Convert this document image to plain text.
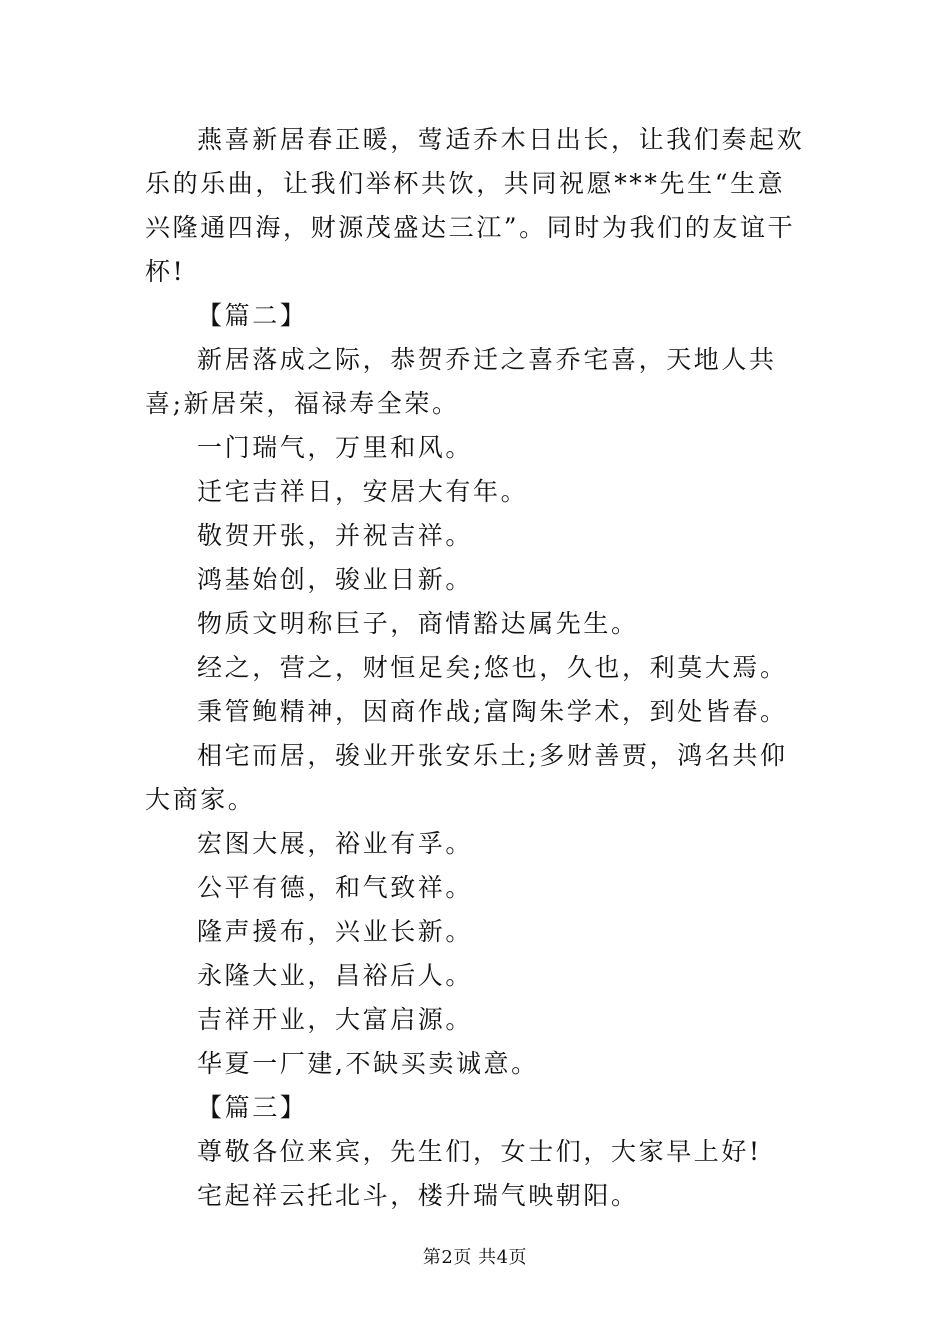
燕喜新居春正暖，莺适乔木日出长，让我们奏起欢乐的乐曲，让我们举杯共饮，共同祝愿***先生“生意兴隆通四海，财源茂盛达三江”。同时为我们的友谊干杯!

【篇二】

新居落成之际，恭贺乔迁之喜乔宅喜，天地人共喜;新居荣，福禄寿全荣。

一门瑞气，万里和风。

迁宅吉祥日，安居大有年。

敬贺开张，并祝吉祥。

鸿基始创，骏业日新。

物质文明称巨子，商情豁达属先生。

经之，营之，财恒足矣;悠也，久也，利莫大焉。

秉管鲍精神，因商作战;富陶朱学术，到处皆春。

相宅而居，骏业开张安乐土;多财善贾，鸿名共仰大商家。

宏图大展，裕业有孚。

公平有德，和气致祥。

隆声援布，兴业长新。

永隆大业，昌裕后人。

吉祥开业，大富启源。

华夏一厂建,不缺买卖诚意。

【篇三】

尊敬各位来宾，先生们，女士们，大家早上好!

宅起祥云托北斗，楼升瑞气映朝阳。

第2页 共4页
